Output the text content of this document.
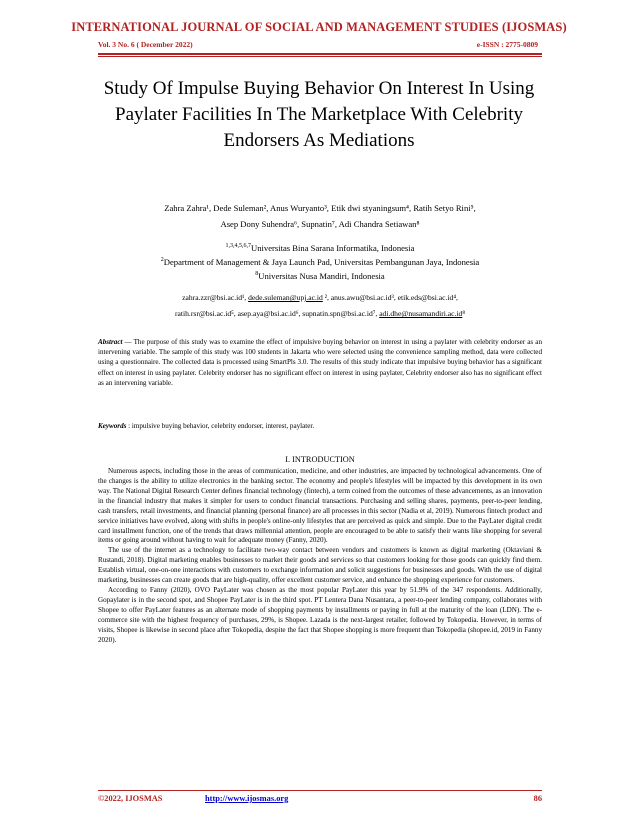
INTERNATIONAL JOURNAL OF SOCIAL AND MANAGEMENT STUDIES (IJOSMAS)
Vol. 3 No. 6 ( December 2022)	e-ISSN : 2775-0809
Study Of Impulse Buying Behavior On Interest In Using Paylater Facilities In The Marketplace With Celebrity Endorsers As Mediations
Zahra Zahra¹, Dede Suleman², Anus Wuryanto³, Etik dwi styaningsum⁴, Ratih Setyo Rini⁵,
Asep Dony Suhendra⁶, Supnatin⁷, Adi Chandra Setiawan⁸
$^{1,3,4,5,6,7}$Universitas Bina Sarana Informatika, Indonesia
$^2$Department of Management & Jaya Launch Pad, Universitas Pembangunan Jaya, Indonesia
$^8$Universitas Nusa Mandiri, Indonesia
zahra.zzr@bsi.ac.id¹, dede.suleman@upj.ac.id ², anus.awu@bsi.ac.id³, etik.eds@bsi.ac.id⁴,
ratih.rsr@bsi.ac.id⁵, asep.aya@bsi.ac.id⁶, supnatin.spn@bsi.ac.id⁷, adi.dhe@nusamandiri.ac.id⁸
Abstract — The purpose of this study was to examine the effect of impulsive buying behavior on interest in using a paylater with celebrity endorser as an intervening variable. The sample of this study was 100 students in Jakarta who were selected using the convenience sampling method, data were collected using a questionnaire. The collected data is processed using SmartPls 3.0. The results of this study indicate that impulsive buying behavior has a significant effect on interest in using paylater. Celebrity endorser has no significant effect on interest in using paylater, Celebrity endorser also has no significant effect as an intervening variable.
Keywords : impulsive buying behavior, celebrity endorser, interest, paylater.
I. INTRODUCTION

Numerous aspects, including those in the areas of communication, medicine, and other industries, are impacted by technological advancements. One of the changes is the ability to utilize electronics in the banking sector. The economy and people's lifestyles will be impacted by this development in its own way. The National Digital Research Center defines financial technology (fintech), a term coined from the outcomes of these advancements, as an innovation in the financial industry that makes it simpler for users to conduct financial transactions. Purchasing and selling shares, payments, peer-to-peer lending, cash transfers, retail investments, and financial planning (personal finance) are all processes in this sector (Nadia et al, 2019). Numerous fintech product and service initiatives have evolved, along with shifts in people's online-only lifestyles that are perceived as quick and simple. Due to the PayLater digital credit card installment function, one of the trends that draws millennial attention, people are encouraged to be able to satisfy their wants like shopping for several items or going around without having to wait for adequate money (Fanny, 2020).

The use of the internet as a technology to facilitate two-way contact between vendors and customers is known as digital marketing (Oktaviani & Rustandi, 2018). Digital marketing enables businesses to market their goods and services so that customers looking for those goods can quickly find them. Establish virtual, one-on-one interactions with customers to exchange information and solicit suggestions for businesses and goods. With the use of digital marketing, businesses can create goods that are high-quality, offer excellent customer service, and enhance the shopping experience for customers.

According to Fanny (2020), OVO PayLater was chosen as the most popular PayLater this year by 51.9% of the 347 respondents. Additionally, Gopaylater is in the second spot, and Shopee PayLater is in the third spot. PT Lentera Dana Nusantara, a peer-to-peer lending company, collaborates with Shopee to offer PayLater features as an alternate mode of shopping payments by installments or paying in full at the maturity of the loan (LDN). The e-commerce site with the highest frequency of purchases, 29%, is Shopee. Lazada is the next-largest retailer, followed by Tokopedia. However, in terms of visits, Shopee is likewise in second place after Tokopedia, despite the fact that Shopee shopping is more frequent than Tokopedia (shopee.id, 2019 in Fanny 2020).

©2022, IJOSMAS	http://www.ijosmas.org	86
